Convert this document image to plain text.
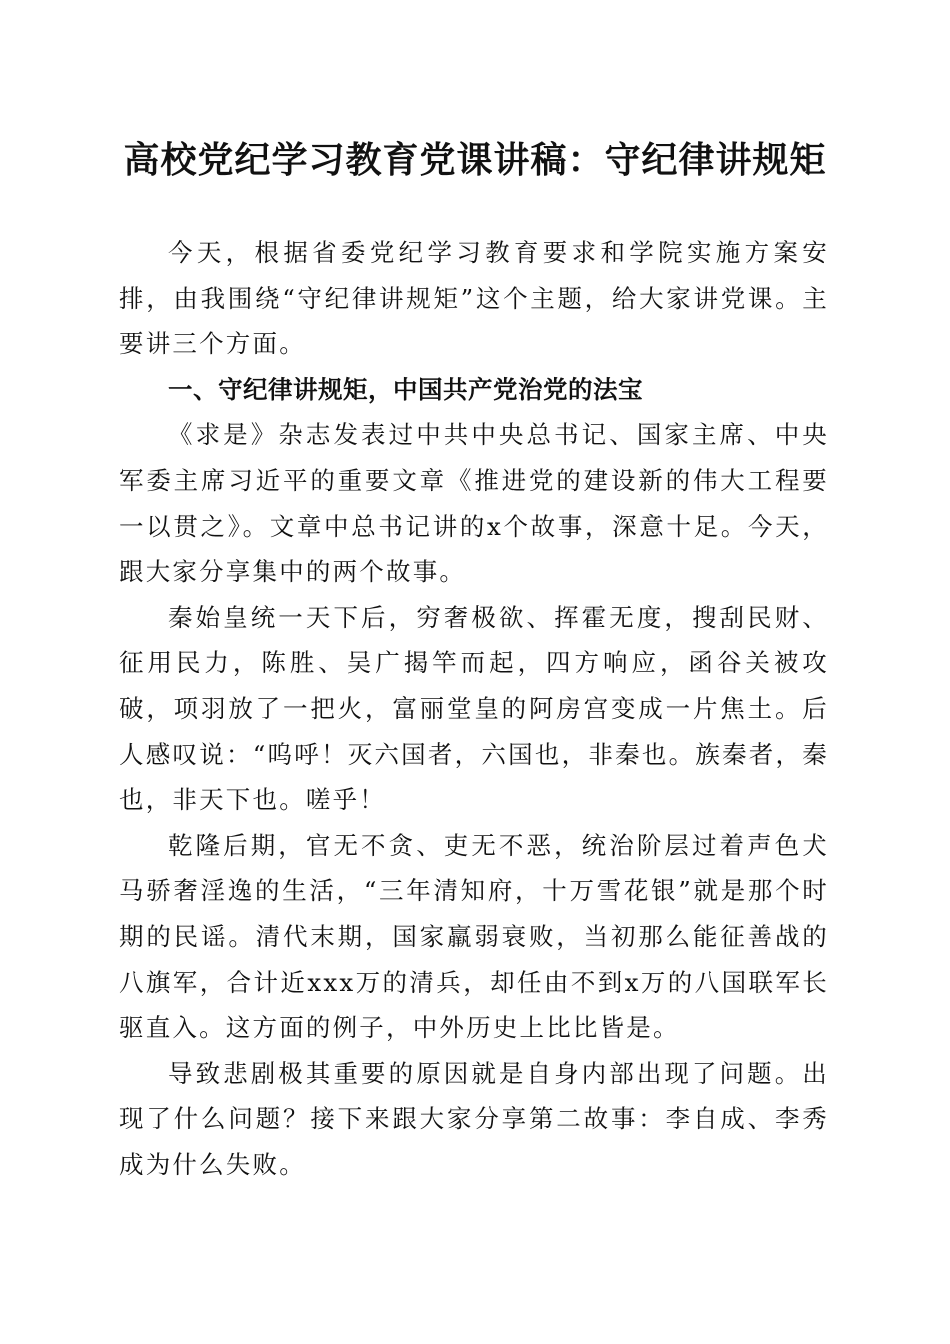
高校党纪学习教育党课讲稿：守纪律讲规矩

今天，根据省委党纪学习教育要求和学院实施方案安排，由我围绕“守纪律讲规矩”这个主题，给大家讲党课。主要讲三个方面。

一、守纪律讲规矩，中国共产党治党的法宝

《求是》杂志发表过中共中央总书记、国家主席、中央军委主席习近平的重要文章《推进党的建设新的伟大工程要一以贯之》。文章中总书记讲的x个故事，深意十足。今天，跟大家分享集中的两个故事。

秦始皇统一天下后，穷奢极欲、挥霍无度，搜刮民财、征用民力，陈胜、吴广揭竿而起，四方响应，函谷关被攻破，项羽放了一把火，富丽堂皇的阿房宫变成一片焦土。后人感叹说：“呜呼！灭六国者，六国也，非秦也。族秦者，秦也，非天下也。嗟乎！

乾隆后期，官无不贪、吏无不恶，统治阶层过着声色犬马骄奢淫逸的生活，“三年清知府，十万雪花银”就是那个时期的民谣。清代末期，国家羸弱衰败，当初那么能征善战的八旗军，合计近xxx万的清兵，却任由不到x万的八国联军长驱直入。这方面的例子，中外历史上比比皆是。

导致悲剧极其重要的原因就是自身内部出现了问题。出现了什么问题？接下来跟大家分享第二故事：李自成、李秀成为什么失败。
